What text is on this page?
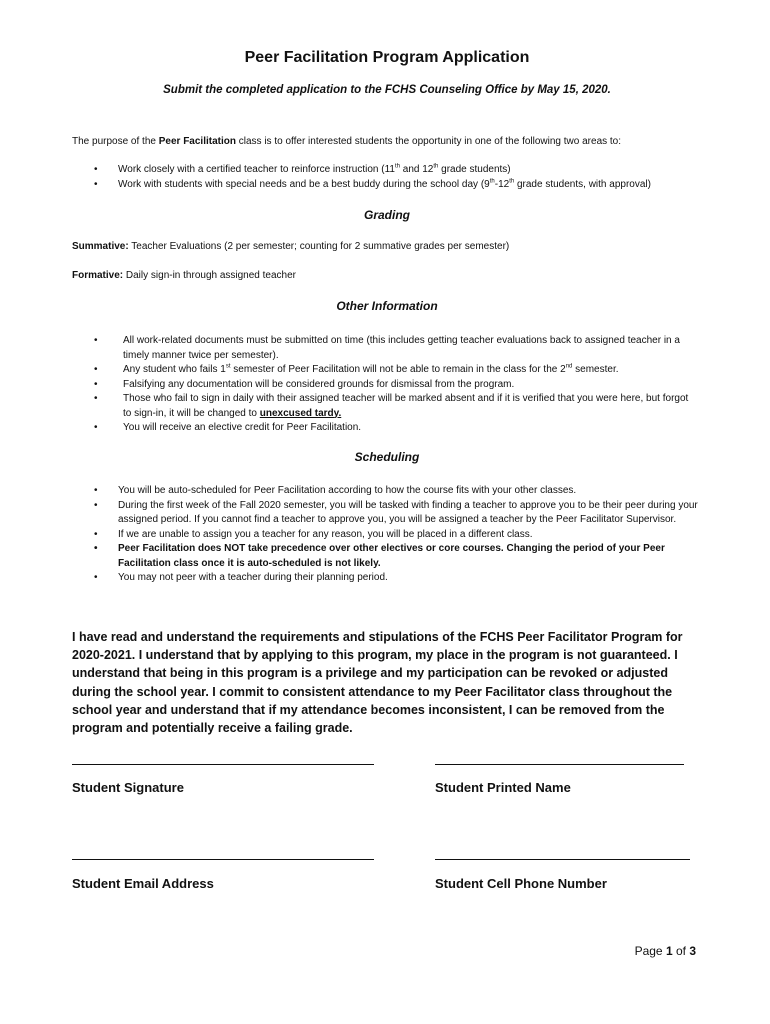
Peer Facilitation Program Application
Submit the completed application to the FCHS Counseling Office by May 15, 2020.
The purpose of the Peer Facilitation class is to offer interested students the opportunity in one of the following two areas to:
• Work closely with a certified teacher to reinforce instruction (11th and 12th grade students)
• Work with students with special needs and be a best buddy during the school day (9th-12th grade students, with approval)
Grading
Summative: Teacher Evaluations (2 per semester; counting for 2 summative grades per semester)
Formative: Daily sign-in through assigned teacher
Other Information
• All work-related documents must be submitted on time (this includes getting teacher evaluations back to assigned teacher in a timely manner twice per semester).
• Any student who fails 1st semester of Peer Facilitation will not be able to remain in the class for the 2nd semester.
• Falsifying any documentation will be considered grounds for dismissal from the program.
• Those who fail to sign in daily with their assigned teacher will be marked absent and if it is verified that you were here, but forgot to sign-in, it will be changed to unexcused tardy.
• You will receive an elective credit for Peer Facilitation.
Scheduling
• You will be auto-scheduled for Peer Facilitation according to how the course fits with your other classes.
• During the first week of the Fall 2020 semester, you will be tasked with finding a teacher to approve you to be their peer during your assigned period. If you cannot find a teacher to approve you, you will be assigned a teacher by the Peer Facilitator Supervisor.
• If we are unable to assign you a teacher for any reason, you will be placed in a different class.
• Peer Facilitation does NOT take precedence over other electives or core courses. Changing the period of your Peer Facilitation class once it is auto-scheduled is not likely.
• You may not peer with a teacher during their planning period.
I have read and understand the requirements and stipulations of the FCHS Peer Facilitator Program for 2020-2021. I understand that by applying to this program, my place in the program is not guaranteed. I understand that being in this program is a privilege and my participation can be revoked or adjusted during the school year. I commit to consistent attendance to my Peer Facilitator class throughout the school year and understand that if my attendance becomes inconsistent, I can be removed from the program and potentially receive a failing grade.
Student Signature	Student Printed Name
Student Email Address	Student Cell Phone Number
Page 1 of 3
